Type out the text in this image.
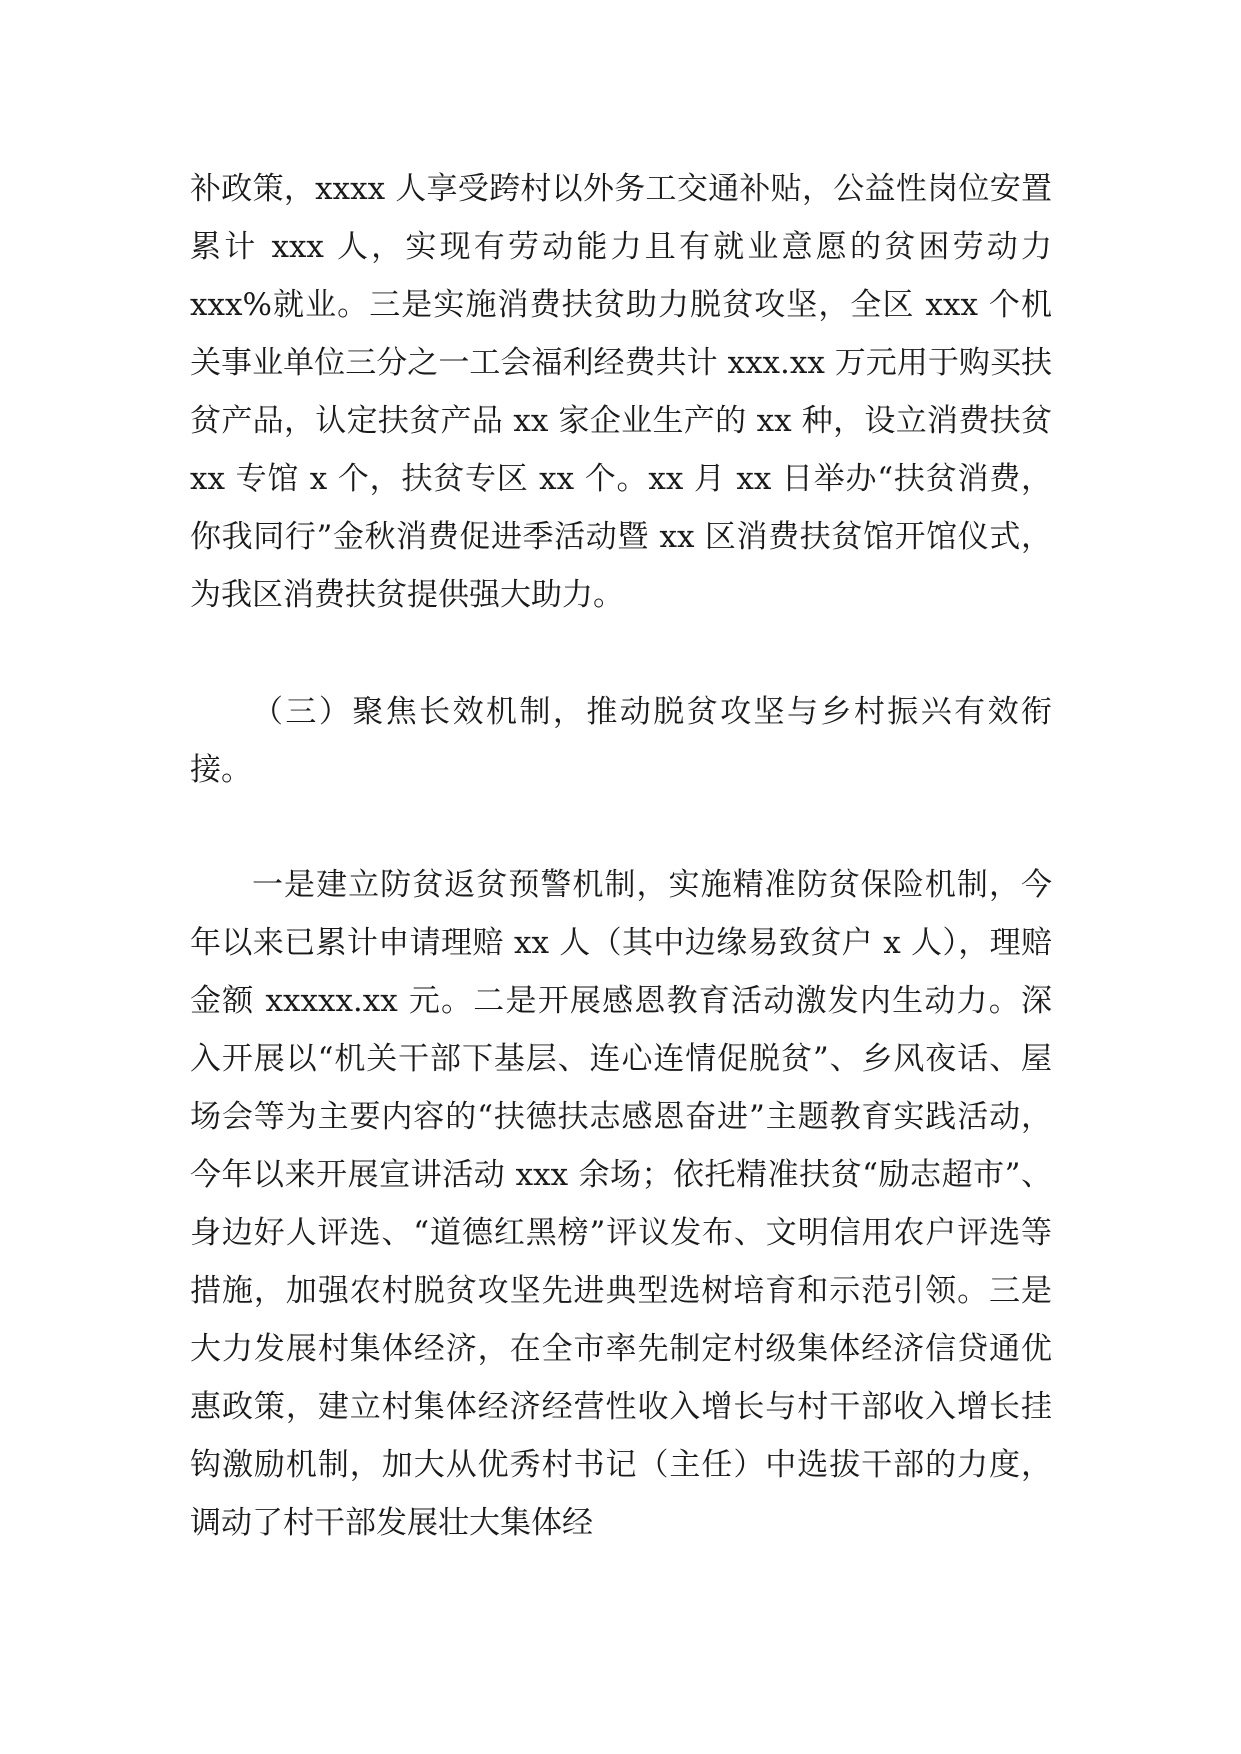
补政策，xxxx 人享受跨村以外务工交通补贴，公益性岗位安置累计 xxx 人，实现有劳动能力且有就业意愿的贫困劳动力 xxx%就业。三是实施消费扶贫助力脱贫攻坚，全区 xxx 个机关事业单位三分之一工会福利经费共计 xxx.xx 万元用于购买扶贫产品，认定扶贫产品 xx 家企业生产的 xx 种，设立消费扶贫 xx 专馆 x 个，扶贫专区 xx 个。xx 月 xx 日举办“扶贫消费，你我同行”金秋消费促进季活动暨 xx 区消费扶贫馆开馆仪式，为我区消费扶贫提供强大助力。

（三）聚焦长效机制，推动脱贫攻坚与乡村振兴有效衔接。

一是建立防贫返贫预警机制，实施精准防贫保险机制，今年以来已累计申请理赔 xx 人（其中边缘易致贫户 x 人），理赔金额 xxxxx.xx 元。二是开展感恩教育活动激发内生动力。深入开展以“机关干部下基层、连心连情促脱贫”、乡风夜话、屋场会等为主要内容的“扶德扶志感恩奋进”主题教育实践活动，今年以来开展宣讲活动 xxx 余场；依托精准扶贫“励志超市”、身边好人评选、“道德红黑榜”评议发布、文明信用农户评选等措施，加强农村脱贫攻坚先进典型选树培育和示范引领。三是大力发展村集体经济，在全市率先制定村级集体经济信贷通优惠政策，建立村集体经济经营性收入增长与村干部收入增长挂钩激励机制，加大从优秀村书记（主任）中选拔干部的力度，调动了村干部发展壮大集体经
